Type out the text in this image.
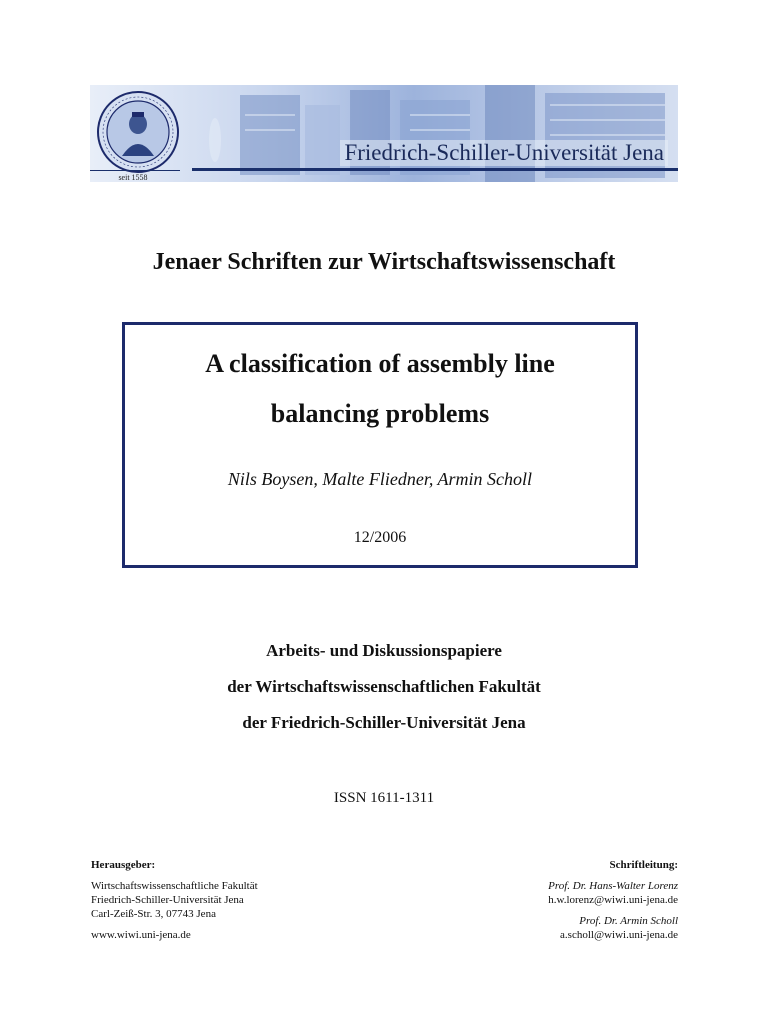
Friedrich-Schiller-Universität Jena
seit 1558
Jenaer Schriften zur Wirtschaftswissenschaft
A classification of assembly line
balancing problems
Nils Boysen, Malte Fliedner, Armin Scholl
12/2006
Arbeits- und Diskussionspapiere
der Wirtschaftswissenschaftlichen Fakultät
der Friedrich-Schiller-Universität Jena
ISSN 1611-1311
Herausgeber:
Wirtschaftswissenschaftliche Fakultät
Friedrich-Schiller-Universität Jena
Carl-Zeiß-Str. 3, 07743 Jena
www.wiwi.uni-jena.de
Schriftleitung:
Prof. Dr. Hans-Walter Lorenz
h.w.lorenz@wiwi.uni-jena.de
Prof. Dr. Armin Scholl
a.scholl@wiwi.uni-jena.de
